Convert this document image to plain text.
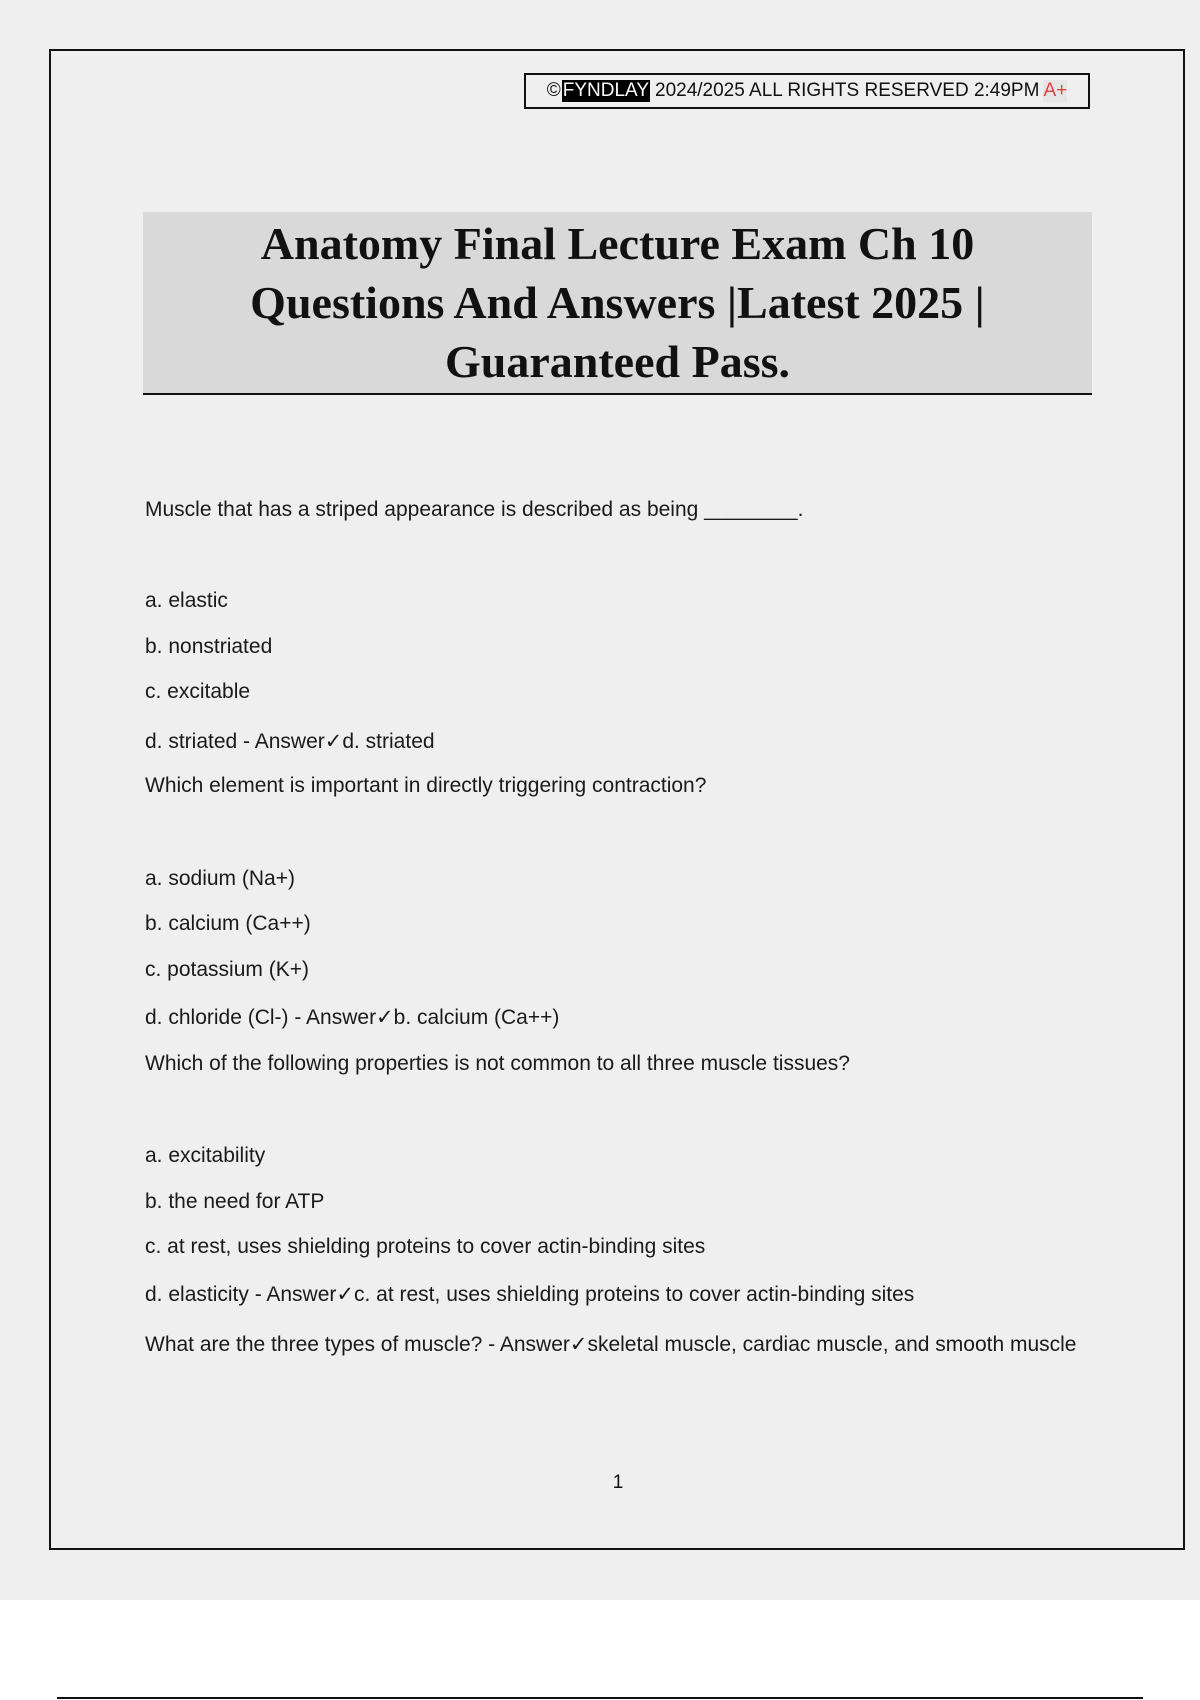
© FYNDLAY 2024/2025 ALL RIGHTS RESERVED 2:49PM A+
Anatomy Final Lecture Exam Ch 10 Questions And Answers |Latest 2025 | Guaranteed Pass.
Muscle that has a striped appearance is described as being ________.
a. elastic
b. nonstriated
c. excitable
d. striated - Answer✓d. striated
Which element is important in directly triggering contraction?
a. sodium (Na+)
b. calcium (Ca++)
c. potassium (K+)
d. chloride (Cl-) - Answer✓b. calcium (Ca++)
Which of the following properties is not common to all three muscle tissues?
a. excitability
b. the need for ATP
c. at rest, uses shielding proteins to cover actin-binding sites
d. elasticity - Answer✓c. at rest, uses shielding proteins to cover actin-binding sites
What are the three types of muscle? - Answer✓skeletal muscle, cardiac muscle, and smooth muscle
1
